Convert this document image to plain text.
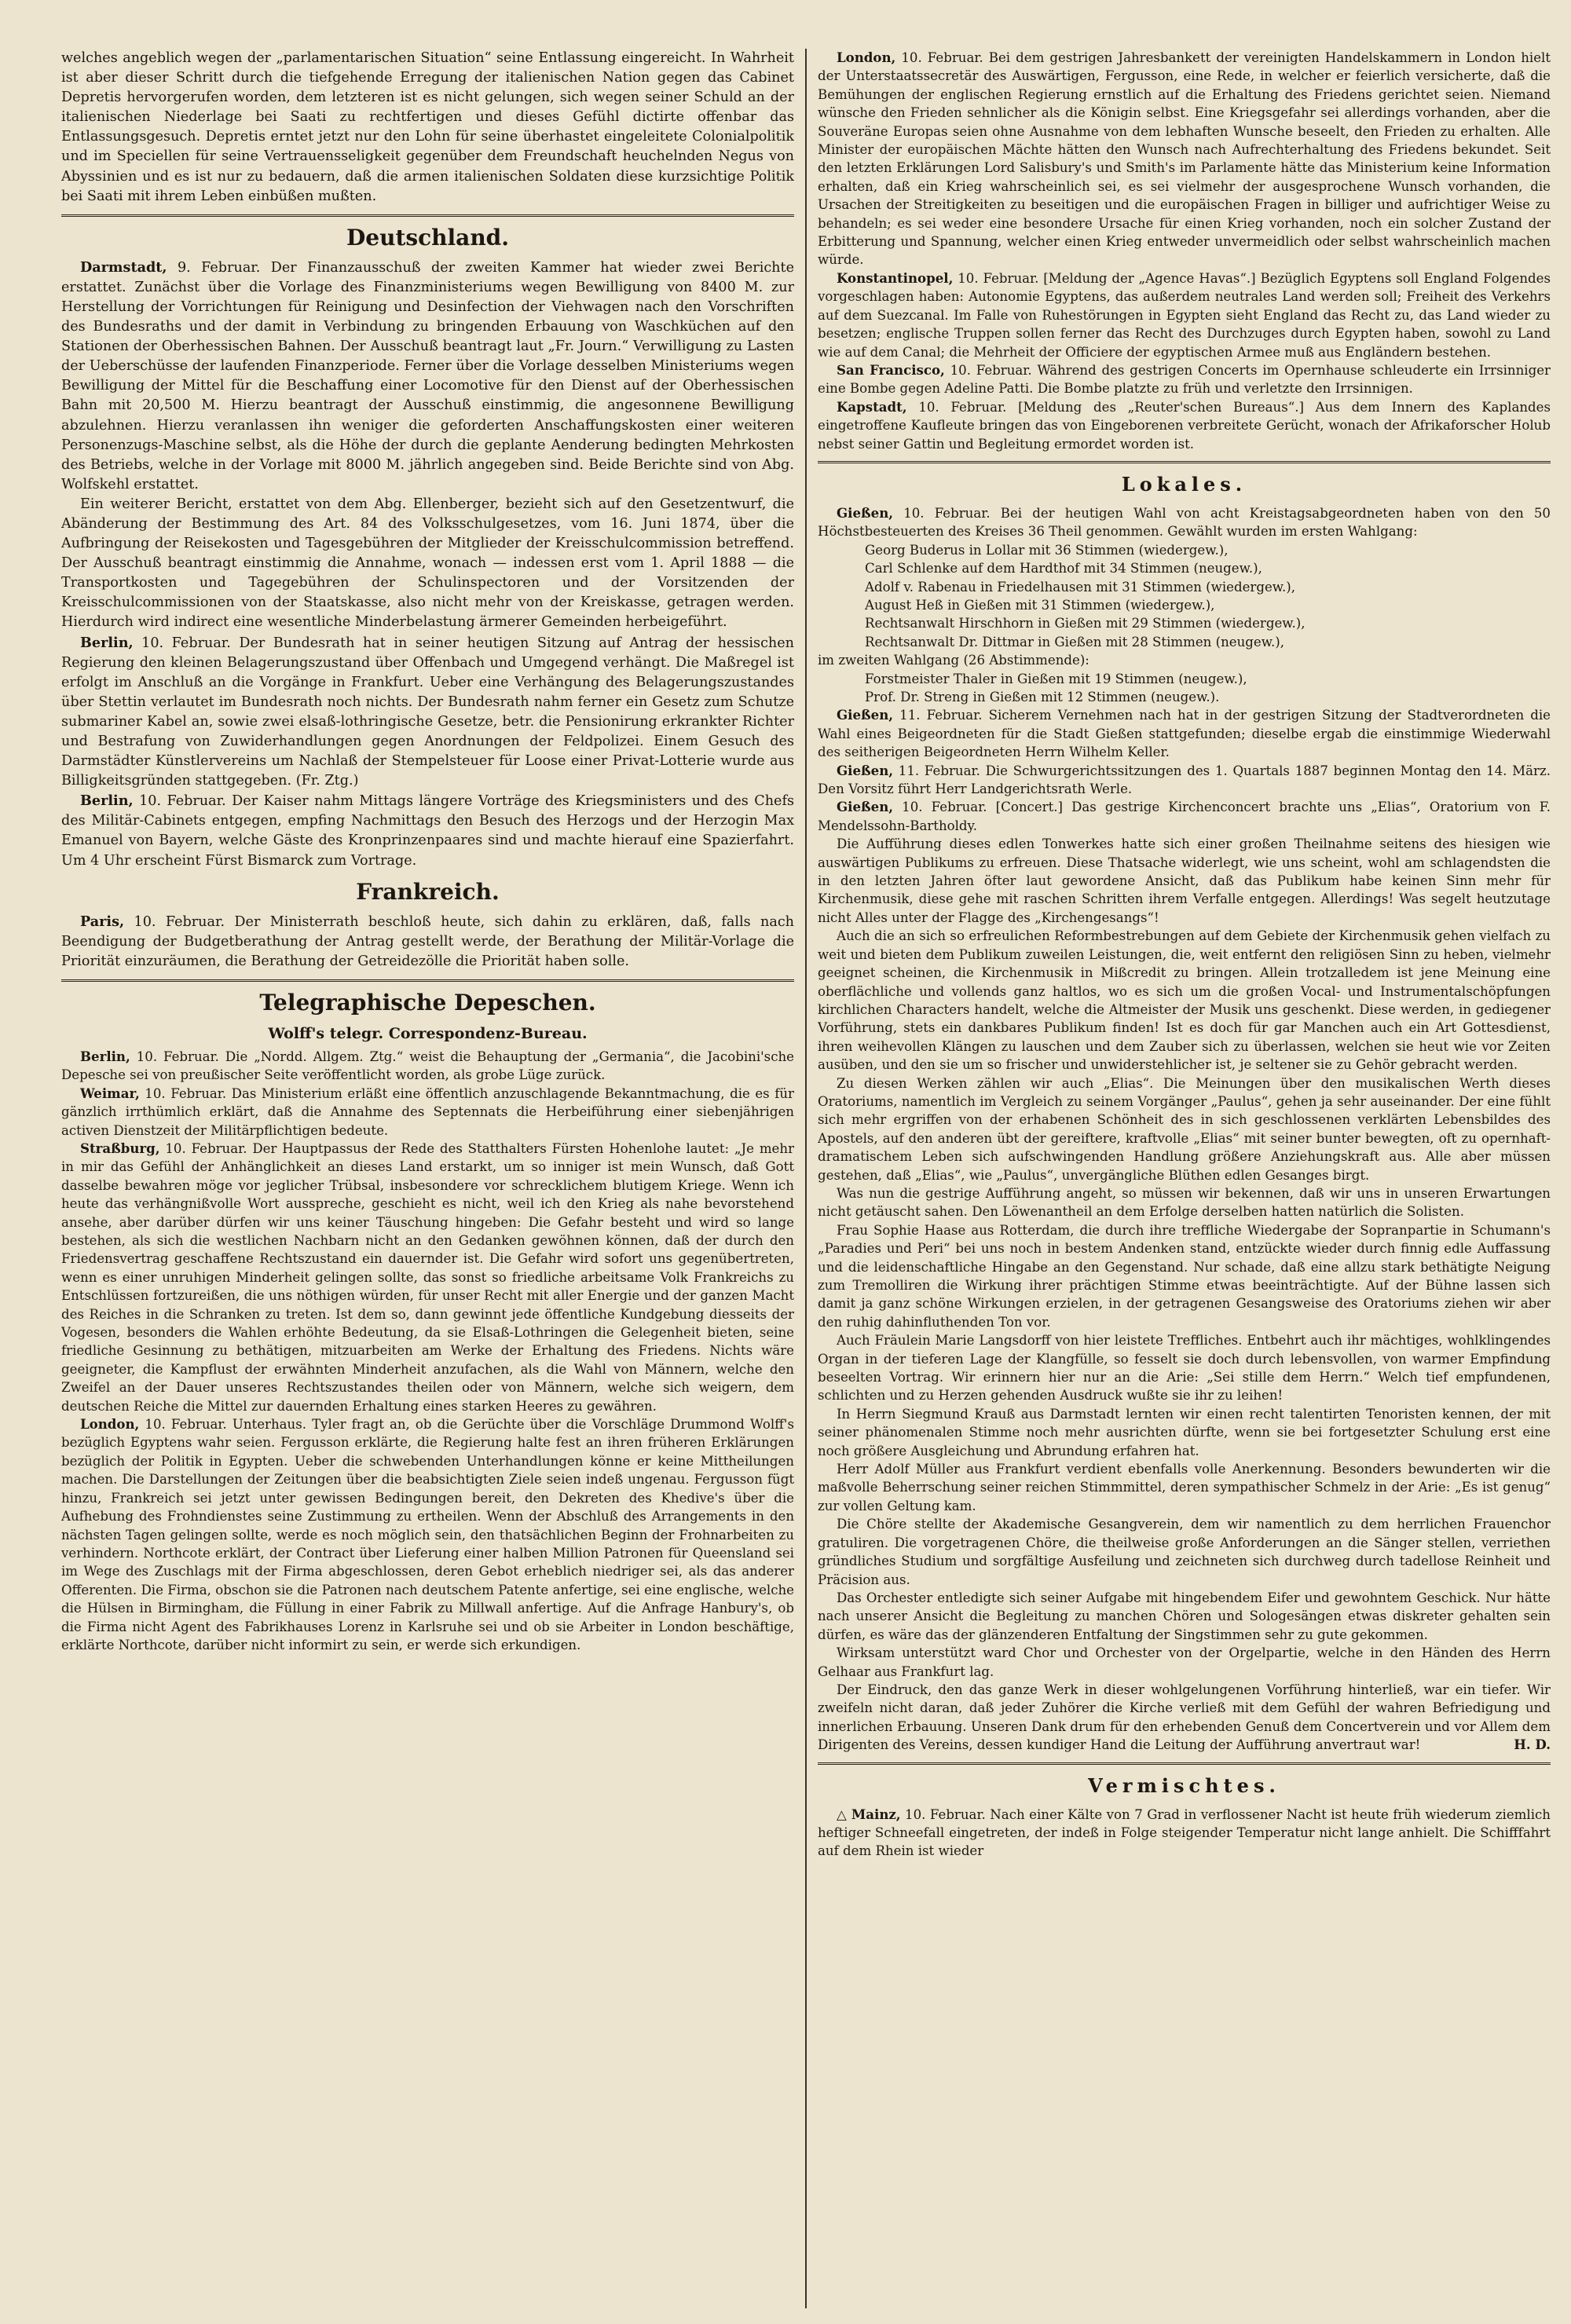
welches angeblich wegen der „parlamentarischen Situation“ seine Entlassung eingereicht. In Wahrheit ist aber dieser Schritt durch die tiefgehende Erregung der italienischen Nation gegen das Cabinet Depretis hervorgerufen worden, dem letzteren ist es nicht gelungen, sich wegen seiner Schuld an der italienischen Niederlage bei Saati zu rechtfertigen und dieses Gefühl dictirte offenbar das Entlassungsgesuch. Depretis erntet jetzt nur den Lohn für seine überhastet eingeleitete Colonialpolitik und im Speciellen für seine Vertrauensseligkeit gegenüber dem Freundschaft heuchelnden Negus von Abyssinien und es ist nur zu bedauern, daß die armen italienischen Soldaten diese kurzsichtige Politik bei Saati mit ihrem Leben einbüßen mußten.

Deutschland.

Darmstadt, 9. Februar. Der Finanzausschuß der zweiten Kammer hat wieder zwei Berichte erstattet. Zunächst über die Vorlage des Finanzministeriums wegen Bewilligung von 8400 M. zur Herstellung der Vorrichtungen für Reinigung und Desinfection der Viehwagen nach den Vorschriften des Bundesraths und der damit in Verbindung zu bringenden Erbauung von Waschküchen auf den Stationen der Oberhessischen Bahnen. Der Ausschuß beantragt laut „Fr. Journ.“ Verwilligung zu Lasten der Ueberschüsse der laufenden Finanzperiode. Ferner über die Vorlage desselben Ministeriums wegen Bewilligung der Mittel für die Beschaffung einer Locomotive für den Dienst auf der Oberhessischen Bahn mit 20,500 M. Hierzu beantragt der Ausschuß einstimmig, die angesonnene Bewilligung abzulehnen. Hierzu veranlassen ihn weniger die geforderten Anschaffungskosten einer weiteren Personenzugs-Maschine selbst, als die Höhe der durch die geplante Aenderung bedingten Mehrkosten des Betriebs, welche in der Vorlage mit 8000 M. jährlich angegeben sind. Beide Berichte sind von Abg. Wolfskehl erstattet.

Ein weiterer Bericht, erstattet von dem Abg. Ellenberger, bezieht sich auf den Gesetzentwurf, die Abänderung der Bestimmung des Art. 84 des Volksschulgesetzes, vom 16. Juni 1874, über die Aufbringung der Reisekosten und Tagesgebühren der Mitglieder der Kreisschulcommission betreffend. Der Ausschuß beantragt einstimmig die Annahme, wonach — indessen erst vom 1. April 1888 — die Transportkosten und Tagegebühren der Schulinspectoren und der Vorsitzenden der Kreisschulcommissionen von der Staatskasse, also nicht mehr von der Kreiskasse, getragen werden. Hierdurch wird indirect eine wesentliche Minderbelastung ärmerer Gemeinden herbeigeführt.

Berlin, 10. Februar. Der Bundesrath hat in seiner heutigen Sitzung auf Antrag der hessischen Regierung den kleinen Belagerungszustand über Offenbach und Umgegend verhängt. Die Maßregel ist erfolgt im Anschluß an die Vorgänge in Frankfurt. Ueber eine Verhängung des Belagerungszustandes über Stettin verlautet im Bundesrath noch nichts. Der Bundesrath nahm ferner ein Gesetz zum Schutze submariner Kabel an, sowie zwei elsaß-lothringische Gesetze, betr. die Pensionirung erkrankter Richter und Bestrafung von Zuwiderhandlungen gegen Anordnungen der Feldpolizei. Einem Gesuch des Darmstädter Künstlervereins um Nachlaß der Stempelsteuer für Loose einer Privat-Lotterie wurde aus Billigkeitsgründen stattgegeben. (Fr. Ztg.)

Berlin, 10. Februar. Der Kaiser nahm Mittags längere Vorträge des Kriegsministers und des Chefs des Militär-Cabinets entgegen, empfing Nachmittags den Besuch des Herzogs und der Herzogin Max Emanuel von Bayern, welche Gäste des Kronprinzenpaares sind und machte hierauf eine Spazierfahrt. Um 4 Uhr erscheint Fürst Bismarck zum Vortrage.

Frankreich.

Paris, 10. Februar. Der Ministerrath beschloß heute, sich dahin zu erklären, daß, falls nach Beendigung der Budgetberathung der Antrag gestellt werde, der Berathung der Militär-Vorlage die Priorität einzuräumen, die Berathung der Getreidezölle die Priorität haben solle.

Telegraphische Depeschen.
Wolff's telegr. Correspondenz-Bureau.

Berlin, 10. Februar. Die „Nordd. Allgem. Ztg.“ weist die Behauptung der „Germania“, die Jacobini'sche Depesche sei von preußischer Seite veröffentlicht worden, als grobe Lüge zurück.

Weimar, 10. Februar. Das Ministerium erläßt eine öffentlich anzuschlagende Bekanntmachung, die es für gänzlich irrthümlich erklärt, daß die Annahme des Septennats die Herbeiführung einer siebenjährigen activen Dienstzeit der Militärpflichtigen bedeute.

Straßburg, 10. Februar. Der Hauptpassus der Rede des Statthalters Fürsten Hohenlohe lautet: „Je mehr in mir das Gefühl der Anhänglichkeit an dieses Land erstarkt, um so inniger ist mein Wunsch, daß Gott dasselbe bewahren möge vor jeglicher Trübsal, insbesondere vor schrecklichem blutigem Kriege. Wenn ich heute das verhängnißvolle Wort ausspreche, geschieht es nicht, weil ich den Krieg als nahe bevorstehend ansehe, aber darüber dürfen wir uns keiner Täuschung hingeben: Die Gefahr besteht und wird so lange bestehen, als sich die westlichen Nachbarn nicht an den Gedanken gewöhnen können, daß der durch den Friedensvertrag geschaffene Rechtszustand ein dauernder ist. Die Gefahr wird sofort uns gegenübertreten, wenn es einer unruhigen Minderheit gelingen sollte, das sonst so friedliche arbeitsame Volk Frankreichs zu Entschlüssen fortzureißen, die uns nöthigen würden, für unser Recht mit aller Energie und der ganzen Macht des Reiches in die Schranken zu treten. Ist dem so, dann gewinnt jede öffentliche Kundgebung diesseits der Vogesen, besonders die Wahlen erhöhte Bedeutung, da sie Elsaß-Lothringen die Gelegenheit bieten, seine friedliche Gesinnung zu bethätigen, mitzuarbeiten am Werke der Erhaltung des Friedens. Nichts wäre geeigneter, die Kampflust der erwähnten Minderheit anzufachen, als die Wahl von Männern, welche den Zweifel an der Dauer unseres Rechtszustandes theilen oder von Männern, welche sich weigern, dem deutschen Reiche die Mittel zur dauernden Erhaltung eines starken Heeres zu gewähren.

London, 10. Februar. Unterhaus. Tyler fragt an, ob die Gerüchte über die Vorschläge Drummond Wolff's bezüglich Egyptens wahr seien. Fergusson erklärte, die Regierung halte fest an ihren früheren Erklärungen bezüglich der Politik in Egypten. Ueber die schwebenden Unterhandlungen könne er keine Mittheilungen machen. Die Darstellungen der Zeitungen über die beabsichtigten Ziele seien indeß ungenau. Fergusson fügt hinzu, Frankreich sei jetzt unter gewissen Bedingungen bereit, den Dekreten des Khedive's über die Aufhebung des Frohndienstes seine Zustimmung zu ertheilen. Wenn der Abschluß des Arrangements in den nächsten Tagen gelingen sollte, werde es noch möglich sein, den thatsächlichen Beginn der Frohnarbeiten zu verhindern. Northcote erklärt, der Contract über Lieferung einer halben Million Patronen für Queensland sei im Wege des Zuschlags mit der Firma abgeschlossen, deren Gebot erheblich niedriger sei, als das anderer Offerenten. Die Firma, obschon sie die Patronen nach deutschem Patente anfertige, sei eine englische, welche die Hülsen in Birmingham, die Füllung in einer Fabrik zu Millwall anfertige. Auf die Anfrage Hanbury's, ob die Firma nicht Agent des Fabrikhauses Lorenz in Karlsruhe sei und ob sie Arbeiter in London beschäftige, erklärte Northcote, darüber nicht informirt zu sein, er werde sich erkundigen.

London, 10. Februar. Bei dem gestrigen Jahresbankett der vereinigten Handelskammern in London hielt der Unterstaatssecretär des Auswärtigen, Fergusson, eine Rede, in welcher er feierlich versicherte, daß die Bemühungen der englischen Regierung ernstlich auf die Erhaltung des Friedens gerichtet seien. Niemand wünsche den Frieden sehnlicher als die Königin selbst. Eine Kriegsgefahr sei allerdings vorhanden, aber die Souveräne Europas seien ohne Ausnahme von dem lebhaften Wunsche beseelt, den Frieden zu erhalten. Alle Minister der europäischen Mächte hätten den Wunsch nach Aufrechterhaltung des Friedens bekundet. Seit den letzten Erklärungen Lord Salisbury's und Smith's im Parlamente hätte das Ministerium keine Information erhalten, daß ein Krieg wahrscheinlich sei, es sei vielmehr der ausgesprochene Wunsch vorhanden, die Ursachen der Streitigkeiten zu beseitigen und die europäischen Fragen in billiger und aufrichtiger Weise zu behandeln; es sei weder eine besondere Ursache für einen Krieg vorhanden, noch ein solcher Zustand der Erbitterung und Spannung, welcher einen Krieg entweder unvermeidlich oder selbst wahrscheinlich machen würde.

Konstantinopel, 10. Februar. [Meldung der „Agence Havas“.] Bezüglich Egyptens soll England Folgendes vorgeschlagen haben: Autonomie Egyptens, das außerdem neutrales Land werden soll; Freiheit des Verkehrs auf dem Suezcanal. Im Falle von Ruhestörungen in Egypten sieht England das Recht zu, das Land wieder zu besetzen; englische Truppen sollen ferner das Recht des Durchzuges durch Egypten haben, sowohl zu Land wie auf dem Canal; die Mehrheit der Officiere der egyptischen Armee muß aus Engländern bestehen.

San Francisco, 10. Februar. Während des gestrigen Concerts im Opernhause schleuderte ein Irrsinniger eine Bombe gegen Adeline Patti. Die Bombe platzte zu früh und verletzte den Irrsinnigen.

Kapstadt, 10. Februar. [Meldung des „Reuter'schen Bureaus“.] Aus dem Innern des Kaplandes eingetroffene Kaufleute bringen das von Eingeborenen verbreitete Gerücht, wonach der Afrikaforscher Holub nebst seiner Gattin und Begleitung ermordet worden ist.

Lokales.

Gießen, 10. Februar. Bei der heutigen Wahl von acht Kreistagsabgeordneten haben von den 50 Höchstbesteuerten des Kreises 36 Theil genommen. Gewählt wurden im ersten Wahlgang:

Georg Buderus in Lollar mit 36 Stimmen (wiedergew.),

Carl Schlenke auf dem Hardthof mit 34 Stimmen (neugew.),

Adolf v. Rabenau in Friedelhausen mit 31 Stimmen (wiedergew.),

August Heß in Gießen mit 31 Stimmen (wiedergew.),

Rechtsanwalt Hirschhorn in Gießen mit 29 Stimmen (wiedergew.),

Rechtsanwalt Dr. Dittmar in Gießen mit 28 Stimmen (neugew.),

im zweiten Wahlgang (26 Abstimmende):

Forstmeister Thaler in Gießen mit 19 Stimmen (neugew.),

Prof. Dr. Streng in Gießen mit 12 Stimmen (neugew.).

Gießen, 11. Februar. Sicherem Vernehmen nach hat in der gestrigen Sitzung der Stadtverordneten die Wahl eines Beigeordneten für die Stadt Gießen stattgefunden; dieselbe ergab die einstimmige Wiederwahl des seitherigen Beigeordneten Herrn Wilhelm Keller.

Gießen, 11. Februar. Die Schwurgerichtssitzungen des 1. Quartals 1887 beginnen Montag den 14. März. Den Vorsitz führt Herr Landgerichtsrath Werle.

Gießen, 10. Februar. [Concert.] Das gestrige Kirchenconcert brachte uns „Elias“, Oratorium von F. Mendelssohn-Bartholdy.

Die Aufführung dieses edlen Tonwerkes hatte sich einer großen Theilnahme seitens des hiesigen wie auswärtigen Publikums zu erfreuen. Diese Thatsache widerlegt, wie uns scheint, wohl am schlagendsten die in den letzten Jahren öfter laut gewordene Ansicht, daß das Publikum habe keinen Sinn mehr für Kirchenmusik, diese gehe mit raschen Schritten ihrem Verfalle entgegen. Allerdings! Was segelt heutzutage nicht Alles unter der Flagge des „Kirchengesangs“!

Auch die an sich so erfreulichen Reformbestrebungen auf dem Gebiete der Kirchenmusik gehen vielfach zu weit und bieten dem Publikum zuweilen Leistungen, die, weit entfernt den religiösen Sinn zu heben, vielmehr geeignet scheinen, die Kirchenmusik in Mißcredit zu bringen. Allein trotzalledem ist jene Meinung eine oberflächliche und vollends ganz haltlos, wo es sich um die großen Vocal- und Instrumentalschöpfungen kirchlichen Characters handelt, welche die Altmeister der Musik uns geschenkt. Diese werden, in gediegener Vorführung, stets ein dankbares Publikum finden! Ist es doch für gar Manchen auch ein Art Gottesdienst, ihren weihevollen Klängen zu lauschen und dem Zauber sich zu überlassen, welchen sie heut wie vor Zeiten ausüben, und den sie um so frischer und unwiderstehlicher ist, je seltener sie zu Gehör gebracht werden.

Zu diesen Werken zählen wir auch „Elias“. Die Meinungen über den musikalischen Werth dieses Oratoriums, namentlich im Vergleich zu seinem Vorgänger „Paulus“, gehen ja sehr auseinander. Der eine fühlt sich mehr ergriffen von der erhabenen Schönheit des in sich geschlossenen verklärten Lebensbildes des Apostels, auf den anderen übt der gereiftere, kraftvolle „Elias“ mit seiner bunter bewegten, oft zu opernhaft-dramatischem Leben sich aufschwingenden Handlung größere Anziehungskraft aus. Alle aber müssen gestehen, daß „Elias“, wie „Paulus“, unvergängliche Blüthen edlen Gesanges birgt.

Was nun die gestrige Aufführung angeht, so müssen wir bekennen, daß wir uns in unseren Erwartungen nicht getäuscht sahen. Den Löwenantheil an dem Erfolge derselben hatten natürlich die Solisten.

Frau Sophie Haase aus Rotterdam, die durch ihre treffliche Wiedergabe der Sopranpartie in Schumann's „Paradies und Peri“ bei uns noch in bestem Andenken stand, entzückte wieder durch finnig edle Auffassung und die leidenschaftliche Hingabe an den Gegenstand. Nur schade, daß eine allzu stark bethätigte Neigung zum Tremolliren die Wirkung ihrer prächtigen Stimme etwas beeinträchtigte. Auf der Bühne lassen sich damit ja ganz schöne Wirkungen erzielen, in der getragenen Gesangsweise des Oratoriums ziehen wir aber den ruhig dahinfluthenden Ton vor.

Auch Fräulein Marie Langsdorff von hier leistete Treffliches. Entbehrt auch ihr mächtiges, wohlklingendes Organ in der tieferen Lage der Klangfülle, so fesselt sie doch durch lebensvollen, von warmer Empfindung beseelten Vortrag. Wir erinnern hier nur an die Arie: „Sei stille dem Herrn.“ Welch tief empfundenen, schlichten und zu Herzen gehenden Ausdruck wußte sie ihr zu leihen!

In Herrn Siegmund Krauß aus Darmstadt lernten wir einen recht talentirten Tenoristen kennen, der mit seiner phänomenalen Stimme noch mehr ausrichten dürfte, wenn sie bei fortgesetzter Schulung erst eine noch größere Ausgleichung und Abrundung erfahren hat.

Herr Adolf Müller aus Frankfurt verdient ebenfalls volle Anerkennung. Besonders bewunderten wir die maßvolle Beherrschung seiner reichen Stimmmittel, deren sympathischer Schmelz in der Arie: „Es ist genug“ zur vollen Geltung kam.

Die Chöre stellte der Akademische Gesangverein, dem wir namentlich zu dem herrlichen Frauenchor gratuliren. Die vorgetragenen Chöre, die theilweise große Anforderungen an die Sänger stellen, verriethen gründliches Studium und sorgfältige Ausfeilung und zeichneten sich durchweg durch tadellose Reinheit und Präcision aus.

Das Orchester entledigte sich seiner Aufgabe mit hingebendem Eifer und gewohntem Geschick. Nur hätte nach unserer Ansicht die Begleitung zu manchen Chören und Sologesängen etwas diskreter gehalten sein dürfen, es wäre das der glänzenderen Entfaltung der Singstimmen sehr zu gute gekommen.

Wirksam unterstützt ward Chor und Orchester von der Orgelpartie, welche in den Händen des Herrn Gelhaar aus Frankfurt lag.

Der Eindruck, den das ganze Werk in dieser wohlgelungenen Vorführung hinterließ, war ein tiefer. Wir zweifeln nicht daran, daß jeder Zuhörer die Kirche verließ mit dem Gefühl der wahren Befriedigung und innerlichen Erbauung. Unseren Dank drum für den erhebenden Genuß dem Concertverein und vor Allem dem Dirigenten des Vereins, dessen kundiger Hand die Leitung der Aufführung anvertraut war!	H. D.

Vermischtes.

△ Mainz, 10. Februar. Nach einer Kälte von 7 Grad in verflossener Nacht ist heute früh wiederum ziemlich heftiger Schneefall eingetreten, der indeß in Folge steigender Temperatur nicht lange anhielt. Die Schifffahrt auf dem Rhein ist wieder
